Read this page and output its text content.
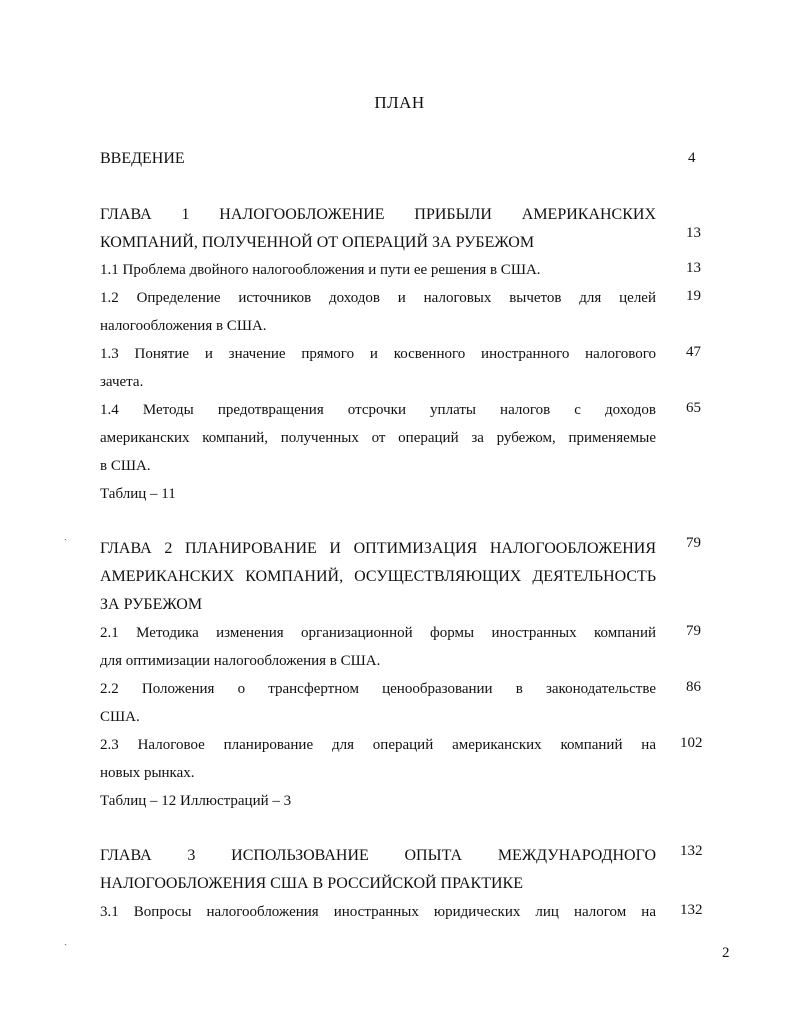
ПЛАН
ВВЕДЕНИЕ	4
ГЛАВА 1 НАЛОГООБЛОЖЕНИЕ ПРИБЫЛИ АМЕРИКАНСКИХ
КОМПАНИЙ, ПОЛУЧЕННОЙ ОТ ОПЕРАЦИЙ ЗА РУБЕЖОМ
13
1.1 Проблема двойного налогообложения и пути ее решения в США.	13
1.2 Определение источников доходов и налоговых вычетов для целей
налогообложения в США.
19
1.3 Понятие и значение прямого и косвенного иностранного налогового
зачета.
47
1.4 Методы предотвращения отсрочки уплаты налогов с доходов
американских компаний, полученных от операций за рубежом, применяемые
в США.
65
Таблиц – 11
ГЛАВА 2 ПЛАНИРОВАНИЕ И ОПТИМИЗАЦИЯ НАЛОГООБЛОЖЕНИЯ
АМЕРИКАНСКИХ КОМПАНИЙ, ОСУЩЕСТВЛЯЮЩИХ ДЕЯТЕЛЬНОСТЬ
ЗА РУБЕЖОМ
79
2.1 Методика изменения организационной формы иностранных компаний
для оптимизации налогообложения в США.
79
2.2 Положения о трансфертном ценообразовании в законодательстве
США.
86
2.3 Налоговое планирование для операций американских компаний на
новых рынках.
102
Таблиц – 12 Иллюстраций – 3
ГЛАВА 3 ИСПОЛЬЗОВАНИЕ ОПЫТА МЕЖДУНАРОДНОГО
НАЛОГООБЛОЖЕНИЯ США В РОССИЙСКОЙ ПРАКТИКЕ
132
3.1 Вопросы налогообложения иностранных юридических лиц налогом на 132
ˎ
ˎ
2
